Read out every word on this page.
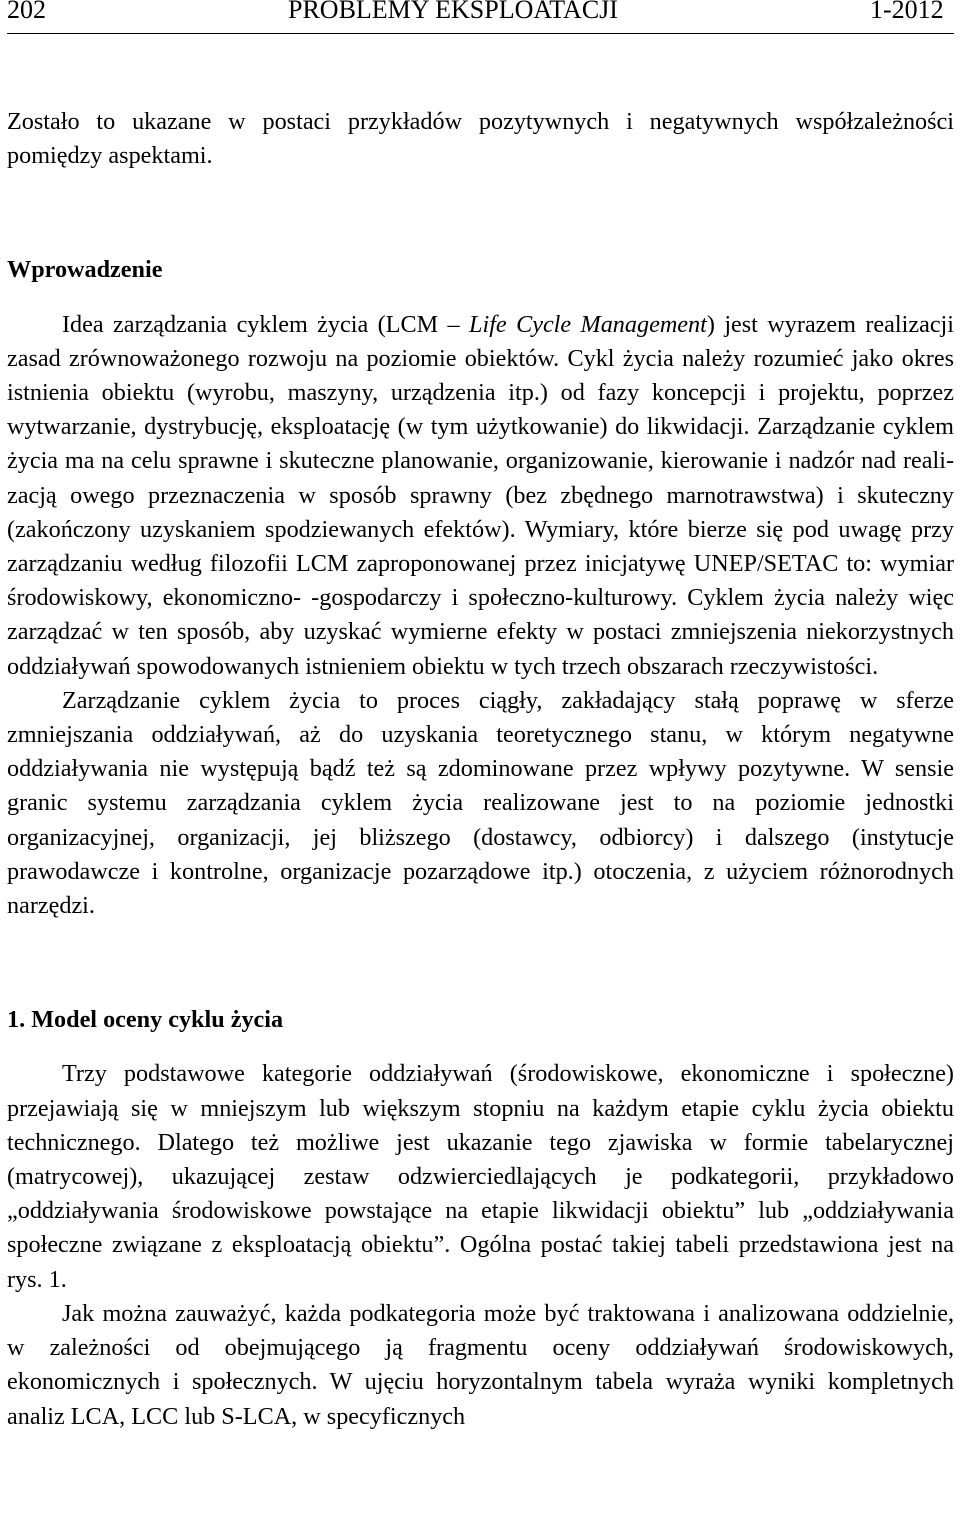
202	PROBLEMY EKSPLOATACJI	1-2012

Zostało to ukazane w postaci przykładów pozytywnych i negatywnych współzależności pomiędzy aspektami.

Wprowadzenie

Idea zarządzania cyklem życia (LCM – Life Cycle Management) jest wyrazem realizacji zasad zrównoważonego rozwoju na poziomie obiektów. Cykl życia należy rozumieć jako okres istnienia obiektu (wyrobu, maszyny, urządzenia itp.) od fazy koncepcji i projektu, poprzez wytwarzanie, dystrybucję, eksploatację (w tym użytkowanie) do likwidacji. Zarządzanie cyklem życia ma na celu sprawne i skuteczne planowanie, organizowanie, kierowanie i nadzór nad realizacją owego przeznaczenia w sposób sprawny (bez zbędnego marnotrawstwa) i skuteczny (zakończony uzyskaniem spodziewanych efektów). Wymiary, które bierze się pod uwagę przy zarządzaniu według filozofii LCM zaproponowanej przez inicjatywę UNEP/SETAC to: wymiar środowiskowy, ekonomiczno- -gospodarczy i społeczno-kulturowy. Cyklem życia należy więc zarządzać w ten sposób, aby uzyskać wymierne efekty w postaci zmniejszenia niekorzystnych oddziaływań spowodowanych istnieniem obiektu w tych trzech obszarach rzeczywistości.

Zarządzanie cyklem życia to proces ciągły, zakładający stałą poprawę w sferze zmniejszania oddziaływań, aż do uzyskania teoretycznego stanu, w którym negatywne oddziaływania nie występują bądź też są zdominowane przez wpływy pozytywne. W sensie granic systemu zarządzania cyklem życia realizowane jest to na poziomie jednostki organizacyjnej, organizacji, jej bliższego (dostawcy, odbiorcy) i dalszego (instytucje prawodawcze i kontrolne, organizacje pozarządowe itp.) otoczenia, z użyciem różnorodnych narzędzi.

1. Model oceny cyklu życia

Trzy podstawowe kategorie oddziaływań (środowiskowe, ekonomiczne i społeczne) przejawiają się w mniejszym lub większym stopniu na każdym etapie cyklu życia obiektu technicznego. Dlatego też możliwe jest ukazanie tego zjawiska w formie tabelarycznej (matrycowej), ukazującej zestaw odzwierciedlających je podkategorii, przykładowo „oddziaływania środowiskowe powstające na etapie likwidacji obiektu” lub „oddziaływania społeczne związane z eksploatacją obiektu”. Ogólna postać takiej tabeli przedstawiona jest na rys. 1.

Jak można zauważyć, każda podkategoria może być traktowana i analizowana oddzielnie, w zależności od obejmującego ją fragmentu oceny oddziaływań środowiskowych, ekonomicznych i społecznych. W ujęciu horyzontalnym tabela wyraża wyniki kompletnych analiz LCA, LCC lub S-LCA, w specyficznych
